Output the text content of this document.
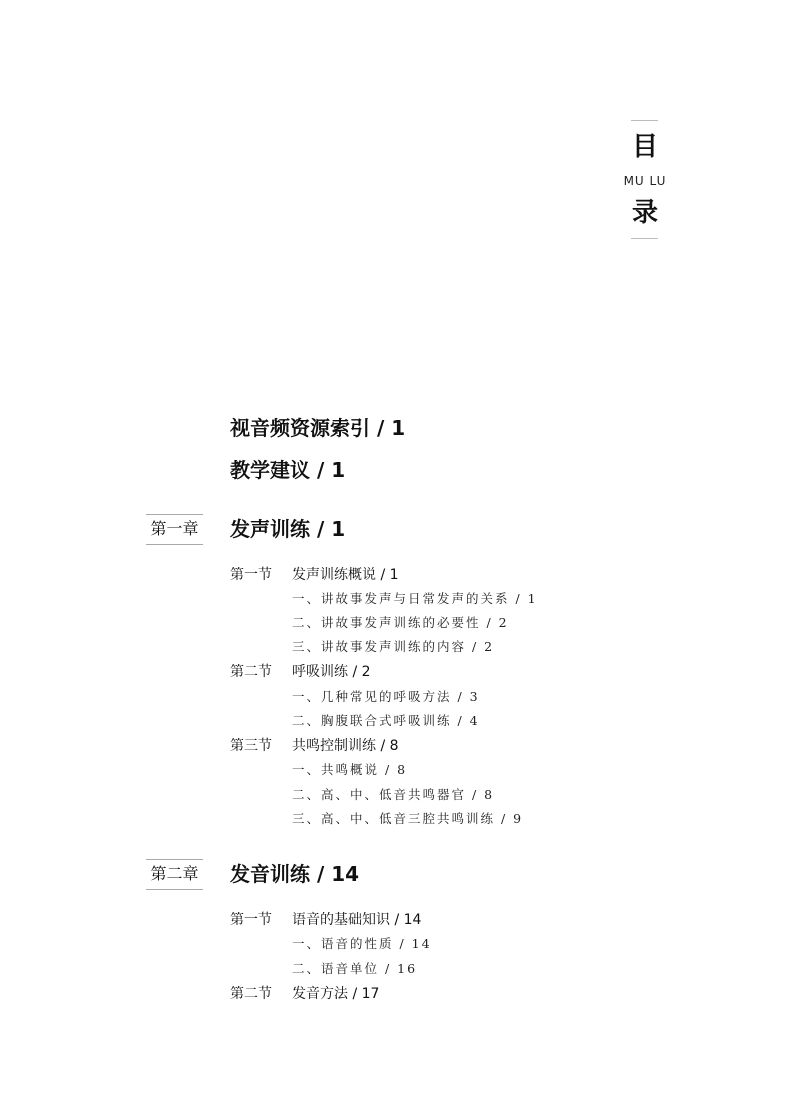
目
MU LU
录
视音频资源索引 / 1
教学建议 / 1
第一章 发声训练 / 1
第一节 发声训练概说 / 1
一、讲故事发声与日常发声的关系 / 1
二、讲故事发声训练的必要性 / 2
三、讲故事发声训练的内容 / 2
第二节 呼吸训练 / 2
一、几种常见的呼吸方法 / 3
二、胸腹联合式呼吸训练 / 4
第三节 共鸣控制训练 / 8
一、共鸣概说 / 8
二、高、中、低音共鸣器官 / 8
三、高、中、低音三腔共鸣训练 / 9
第二章 发音训练 / 14
第一节 语音的基础知识 / 14
一、语音的性质 / 14
二、语音单位 / 16
第二节 发音方法 / 17
